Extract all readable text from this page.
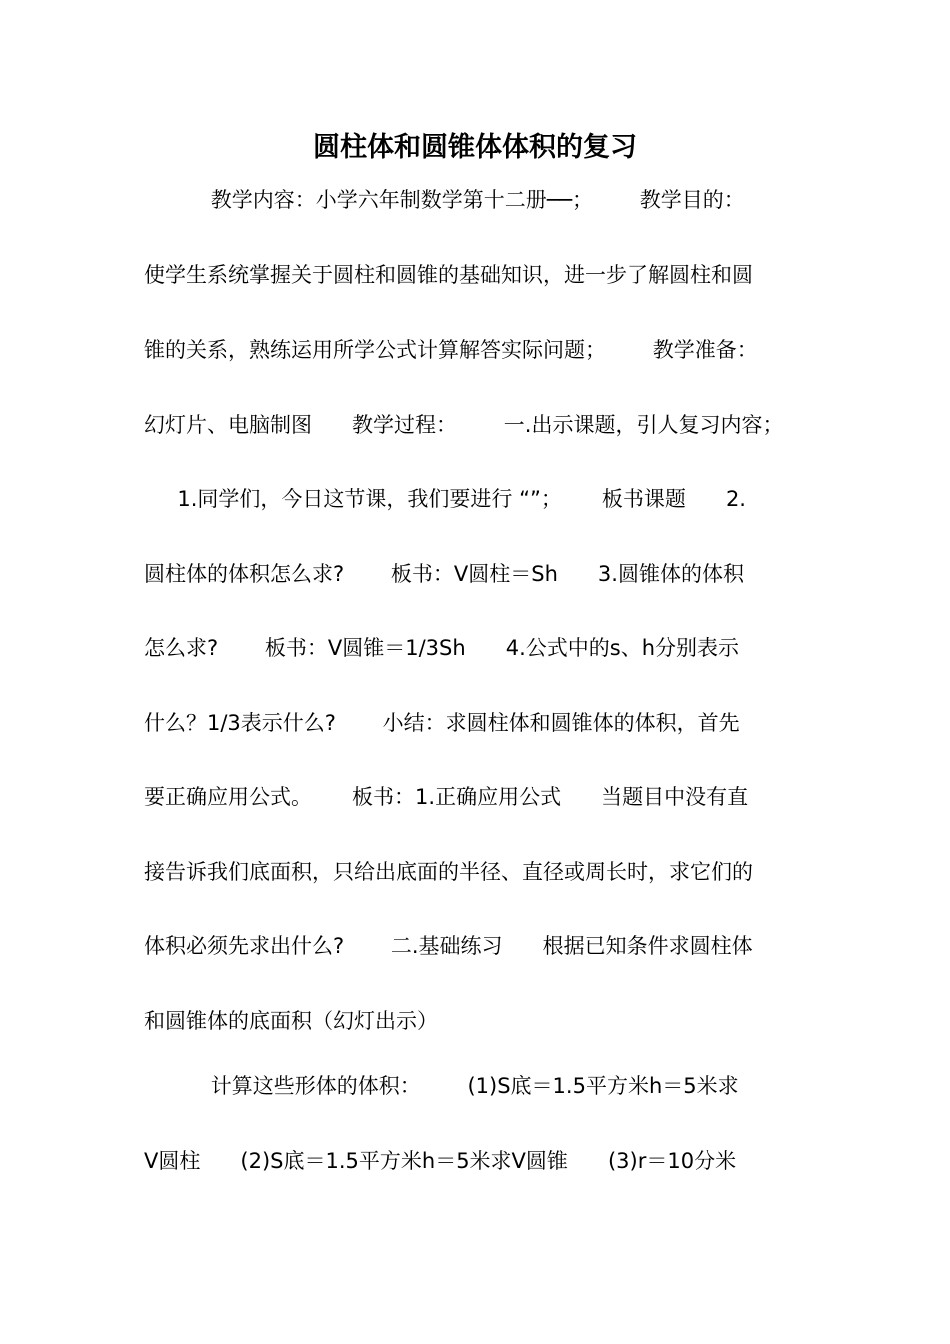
圆柱体和圆锥体体积的复习
教学内容：小学六年制数学第十二册──；       教学目的：
使学生系统掌握关于圆柱和圆锥的基础知识，进一步了解圆柱和圆
锥的关系，熟练运用所学公式计算解答实际问题；       教学准备：
幻灯片、电脑制图      教学过程：       一.出示课题，引人复习内容；
1.同学们，今日这节课，我们要进行 “”；      板书课题      2.
圆柱体的体积怎么求?       板书：V圆柱＝Sh      3.圆锥体的体积
怎么求?       板书：V圆锥＝1/3Sh      4.公式中的s、h分别表示
什么？1/3表示什么?       小结：求圆柱体和圆锥体的体积，首先
要正确应用公式。      板书：1.正确应用公式      当题目中没有直
接告诉我们底面积，只给出底面的半径、直径或周长时，求它们的
体积必须先求出什么?       二.基础练习      根据已知条件求圆柱体
和圆锥体的底面积（幻灯出示）
计算这些形体的体积：       (1)S底＝1.5平方米h＝5米求
V圆柱      (2)S底＝1.5平方米h＝5米求V圆锥      (3)r＝10分米
